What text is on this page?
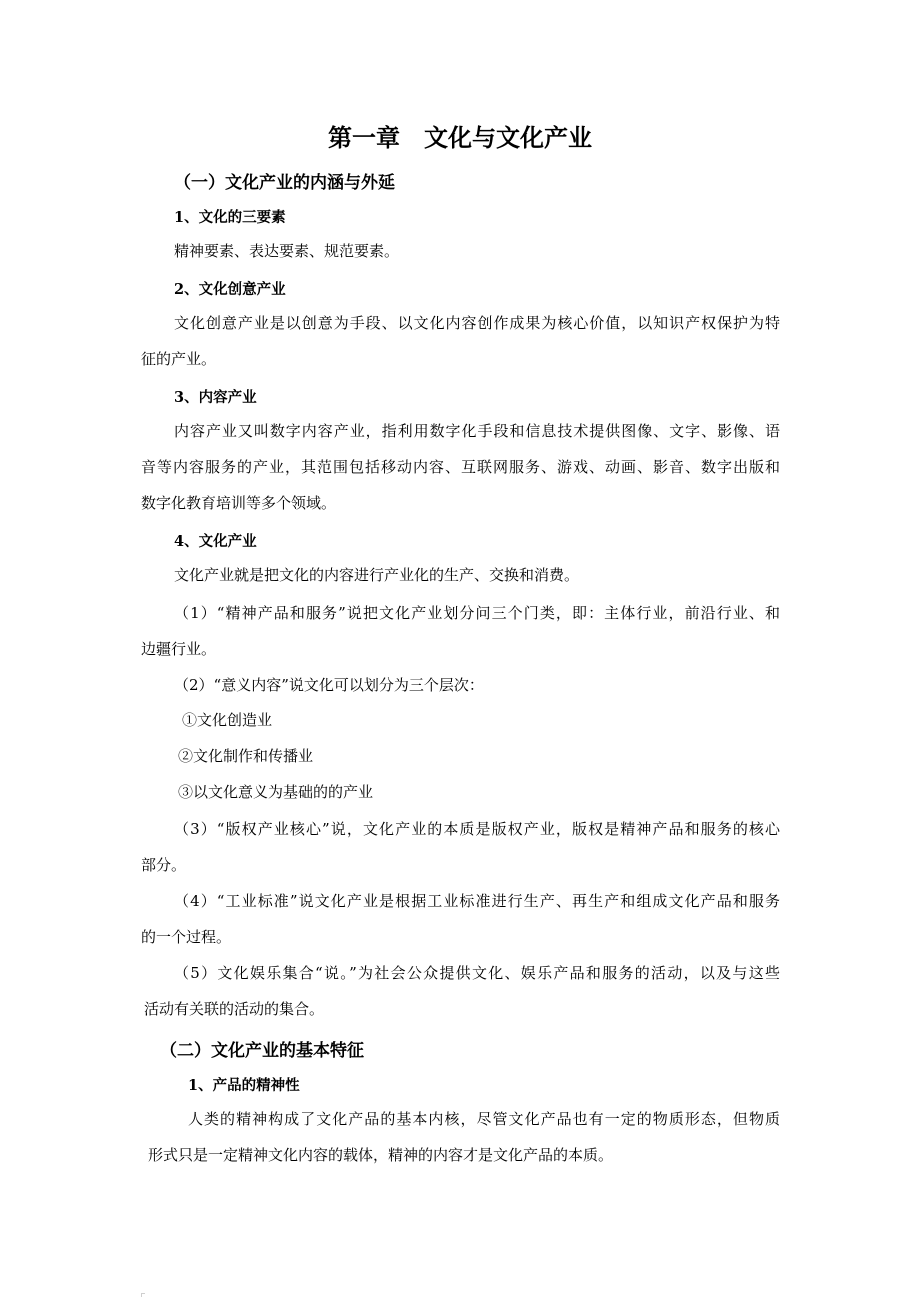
第一章　文化与文化产业
（一）文化产业的内涵与外延
1、文化的三要素
精神要素、表达要素、规范要素。
2、文化创意产业
文化创意产业是以创意为手段、以文化内容创作成果为核心价值，以知识产权保护为特
征的产业。
3、内容产业
内容产业又叫数字内容产业，指利用数字化手段和信息技术提供图像、文字、影像、语
音等内容服务的产业，其范围包括移动内容、互联网服务、游戏、动画、影音、数字出版和
数字化教育培训等多个领域。
4、文化产业
文化产业就是把文化的内容进行产业化的生产、交换和消费。
（1）“精神产品和服务”说把文化产业划分问三个门类，即：主体行业，前沿行业、和
边疆行业。
（2）“意义内容”说文化可以划分为三个层次：
①文化创造业
②文化制作和传播业
③以文化意义为基础的的产业
（3）“版权产业核心”说，文化产业的本质是版权产业，版权是精神产品和服务的核心
部分。
（4）“工业标准”说文化产业是根据工业标准进行生产、再生产和组成文化产品和服务
的一个过程。
（5）文化娱乐集合“说。”为社会公众提供文化、娱乐产品和服务的活动，以及与这些
活动有关联的活动的集合。
（二）文化产业的基本特征
1、产品的精神性
人类的精神构成了文化产品的基本内核，尽管文化产品也有一定的物质形态，但物质
形式只是一定精神文化内容的载体，精神的内容才是文化产品的本质。
